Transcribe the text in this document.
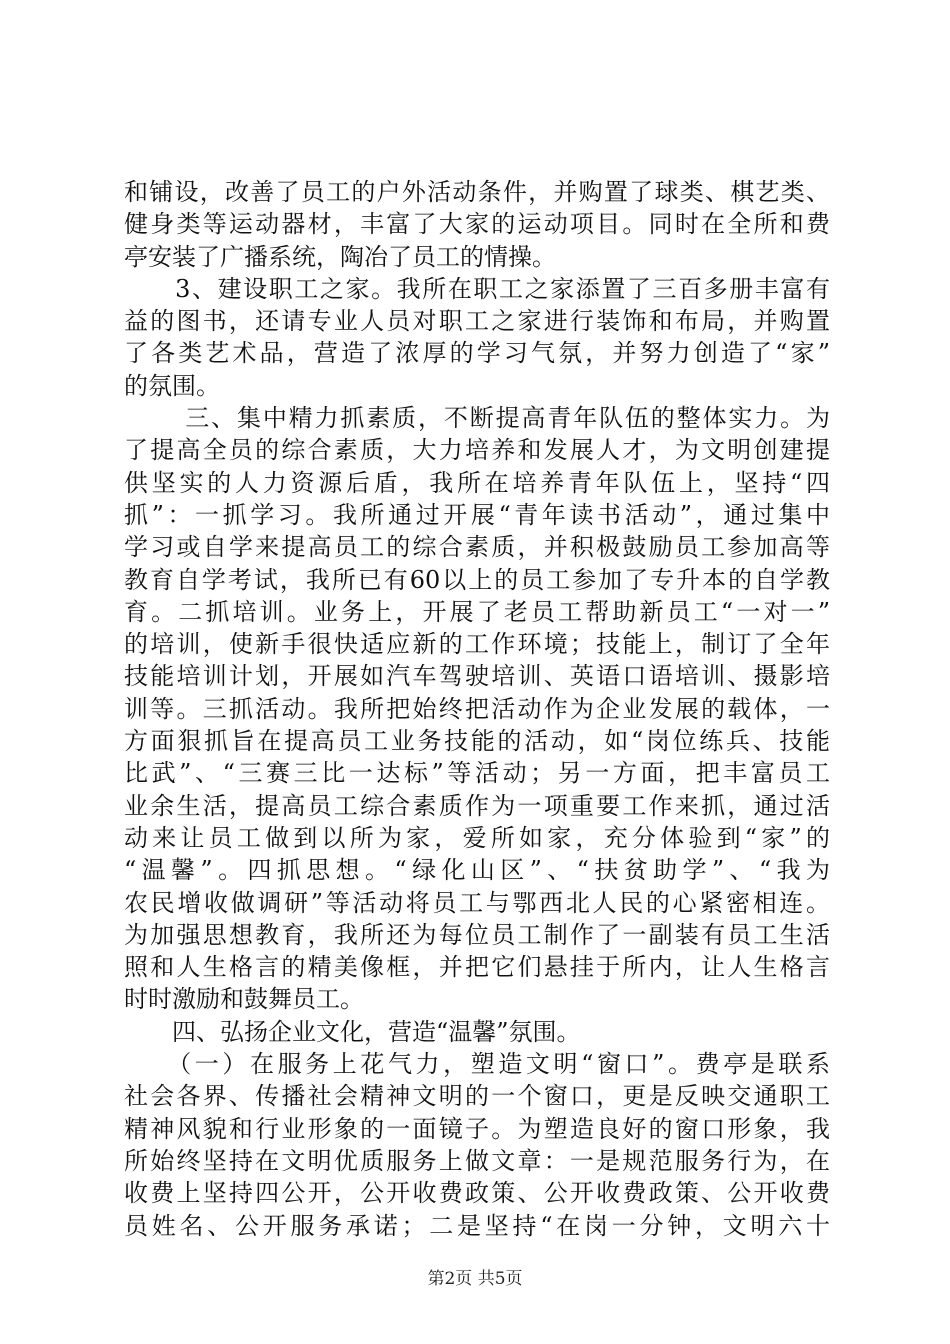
和铺设，改善了员工的户外活动条件，并购置了球类、棋艺类、
健身类等运动器材，丰富了大家的运动项目。同时在全所和费
亭安装了广播系统，陶冶了员工的情操。
　　3、建设职工之家。我所在职工之家添置了三百多册丰富有
益的图书，还请专业人员对职工之家进行装饰和布局，并购置
了各类艺术品，营造了浓厚的学习气氛，并努力创造了“家”
的氛围。
　　 三、集中精力抓素质，不断提高青年队伍的整体实力。为
了提高全员的综合素质，大力培养和发展人才，为文明创建提
供坚实的人力资源后盾，我所在培养青年队伍上，坚持“四
抓”：一抓学习。我所通过开展“青年读书活动”，通过集中
学习或自学来提高员工的综合素质，并积极鼓励员工参加高等
教育自学考试，我所已有60以上的员工参加了专升本的自学教
育。二抓培训。业务上，开展了老员工帮助新员工“一对一”
的培训，使新手很快适应新的工作环境；技能上，制订了全年
技能培训计划，开展如汽车驾驶培训、英语口语培训、摄影培
训等。三抓活动。我所把始终把活动作为企业发展的载体，一
方面狠抓旨在提高员工业务技能的活动，如“岗位练兵、技能
比武”、“三赛三比一达标”等活动；另一方面，把丰富员工
业余生活，提高员工综合素质作为一项重要工作来抓，通过活
动来让员工做到以所为家，爱所如家，充分体验到“家”的
“温馨”。四抓思想。“绿化山区”、“扶贫助学”、“我为
农民增收做调研”等活动将员工与鄂西北人民的心紧密相连。
为加强思想教育，我所还为每位员工制作了一副装有员工生活
照和人生格言的精美像框，并把它们悬挂于所内，让人生格言
时时激励和鼓舞员工。
　　四、弘扬企业文化，营造“温馨”氛围。
　　（一）在服务上花气力，塑造文明“窗口”。费亭是联系
社会各界、传播社会精神文明的一个窗口，更是反映交通职工
精神风貌和行业形象的一面镜子。为塑造良好的窗口形象，我
所始终坚持在文明优质服务上做文章：一是规范服务行为，在
收费上坚持四公开，公开收费政策、公开收费政策、公开收费
员姓名、公开服务承诺；二是坚持“在岗一分钟，文明六十
第2页 共5页
